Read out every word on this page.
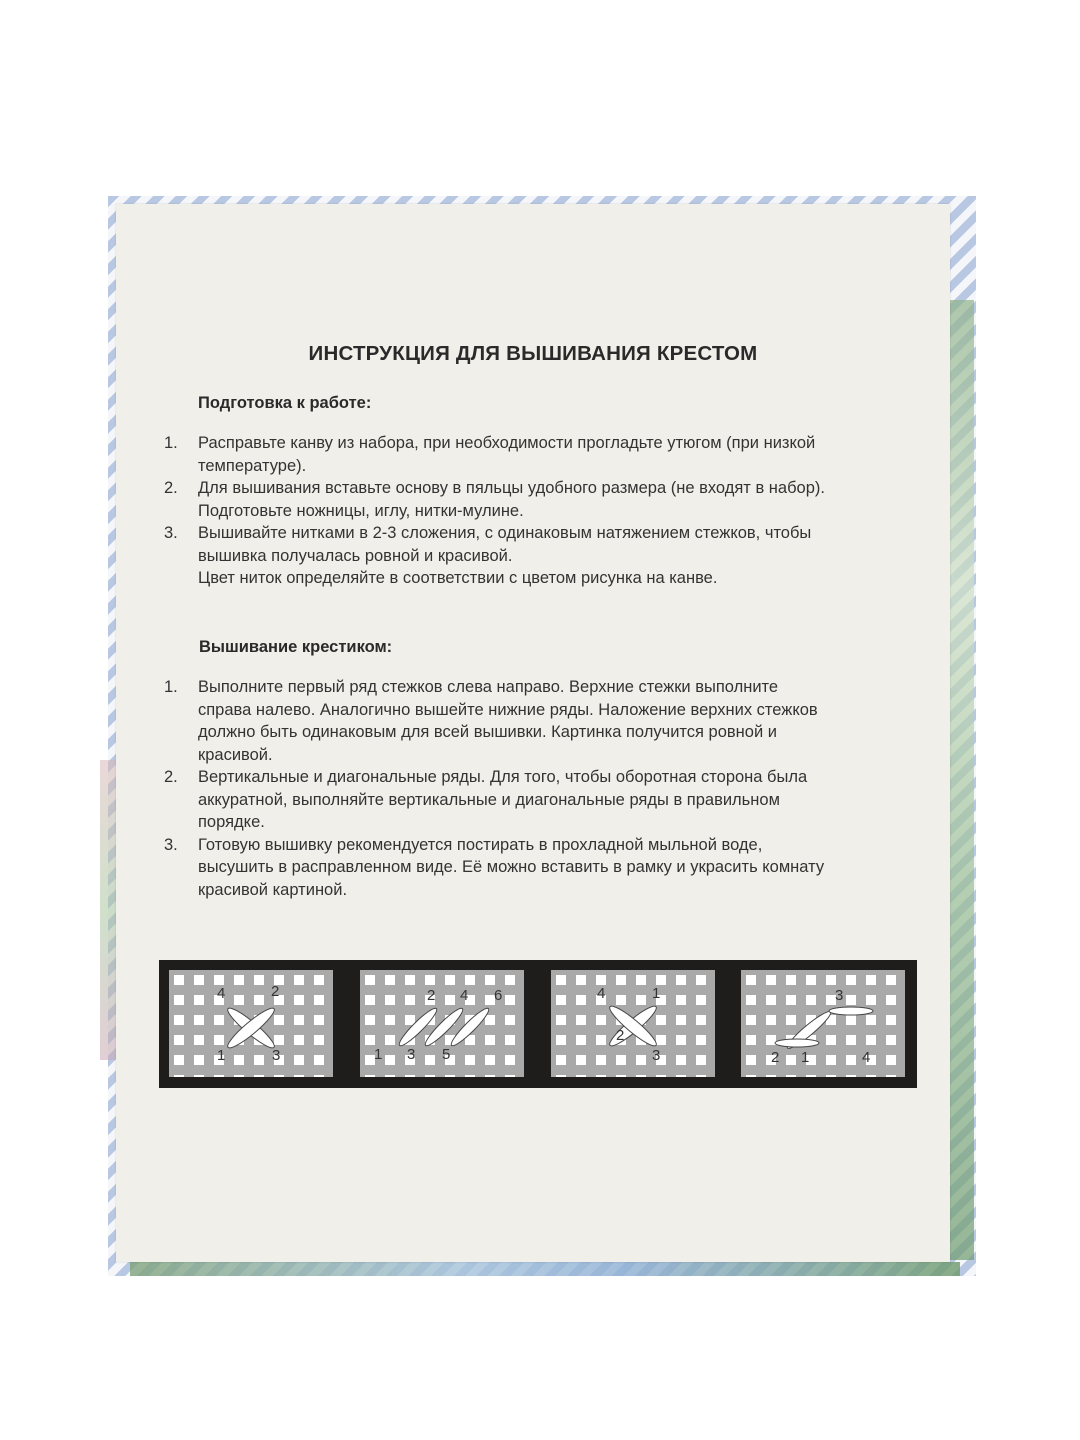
ИНСТРУКЦИЯ ДЛЯ ВЫШИВАНИЯ КРЕСТОМ
Подготовка к работе:
1. Расправьте канву из набора, при необходимости прогладьте утюгом (при низкой
температуре).
2. Для вышивания вставьте основу в пяльцы удобного размера (не входят в набор).
Подготовьте ножницы, иглу, нитки-мулине.
3. Вышивайте нитками в 2-3 сложения, с одинаковым натяжением стежков, чтобы
вышивка получалась ровной и красивой.
Цвет ниток определяйте в соответствии с цветом рисунка на канве.
Вышивание крестиком:
1. Выполните первый ряд стежков слева направо. Верхние стежки выполните
справа налево. Аналогично вышейте нижние ряды. Наложение верхних стежков
должно быть одинаковым для всей вышивки. Картинка получится ровной и
красивой.
2. Вертикальные и диагональные ряды. Для того, чтобы оборотная сторона была
аккуратной, выполняйте вертикальные и диагональные ряды в правильном
порядке.
3. Готовую вышивку рекомендуется постирать в прохладной мыльной воде,
высушить в расправленном виде. Её можно вставить в рамку и украсить комнату
красивой картиной.
4	2
1	3
2 4 6
1 3 5
4	1
2
3
3
2 1	4
